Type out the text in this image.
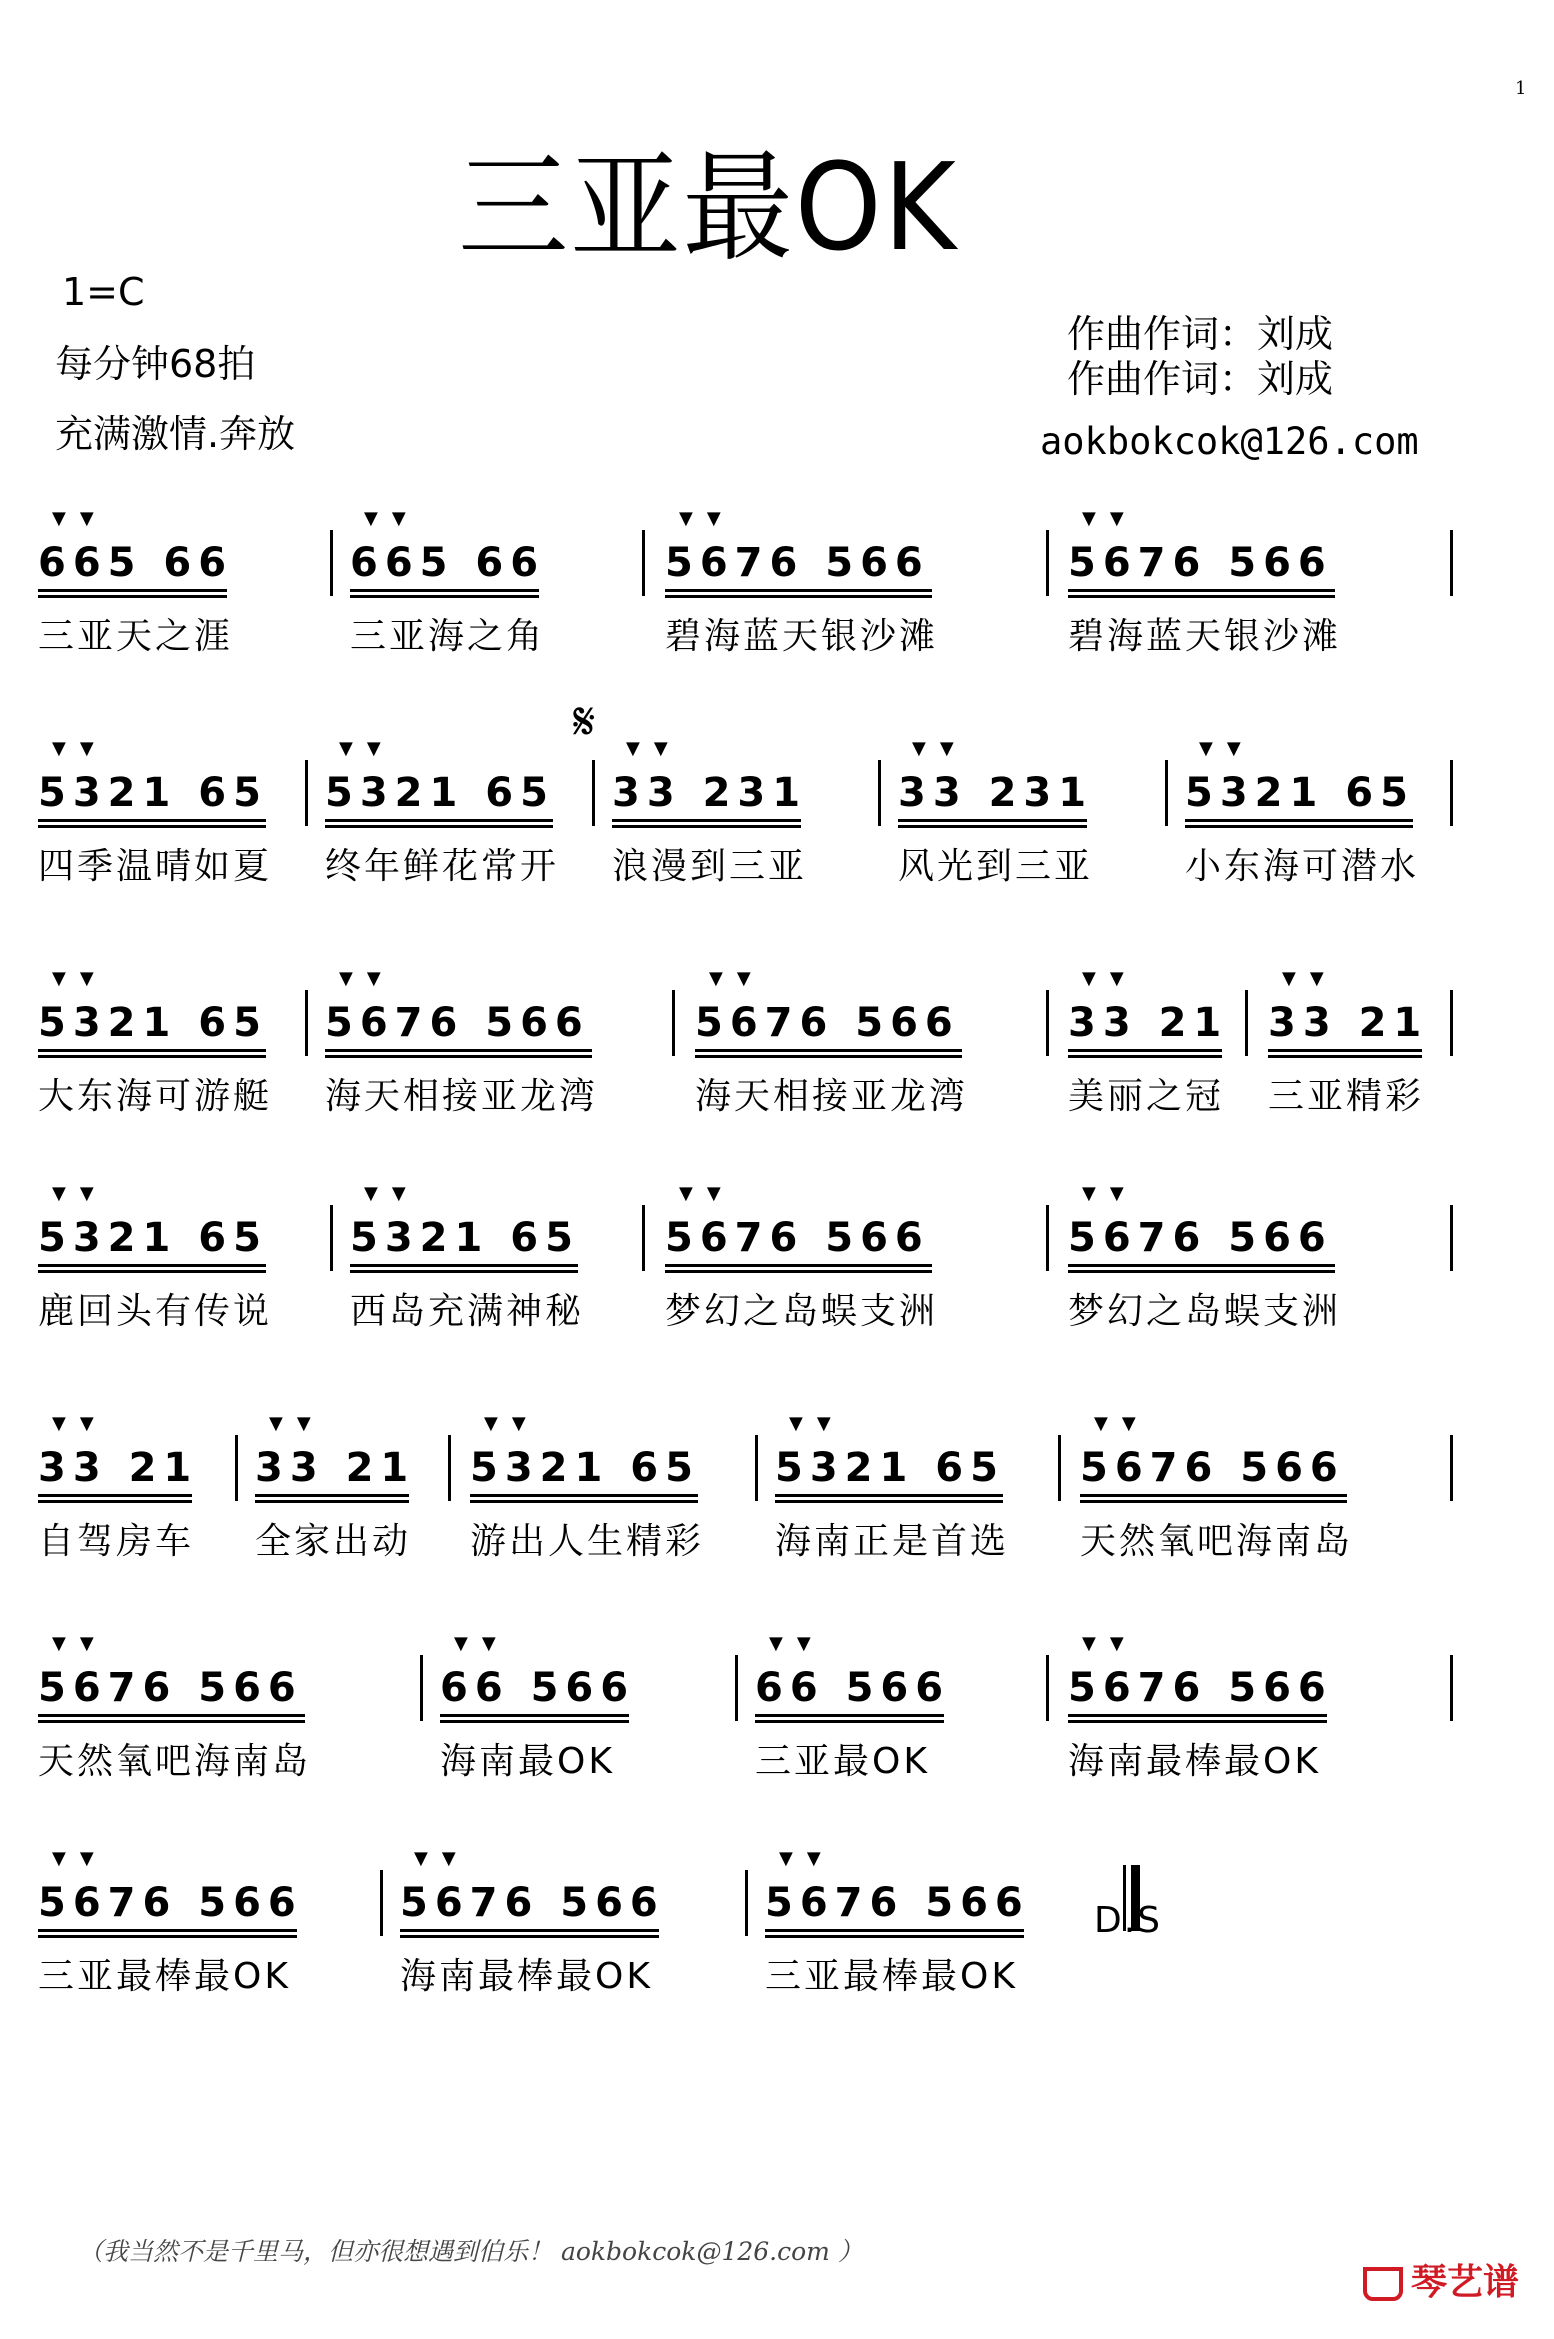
1
三亚最OK
1=C
每分钟68拍
充满激情.奔放
作曲作词：刘成
作曲作词：刘成
aokbokcok@126.com
▼▼
665 66
三亚天之涯
▼▼
665 66
三亚海之角
▼▼
5676 566
碧海蓝天银沙滩
▼▼
5676 566
碧海蓝天银沙滩
▼▼
5321 65
四季温晴如夏
▼▼
5321 65
终年鲜花常开
▼▼
33 231
浪漫到三亚
▼▼
33 231
风光到三亚
▼▼
5321 65
小东海可潜水
▼▼
5321 65
大东海可游艇
▼▼
5676 566
海天相接亚龙湾
▼▼
5676 566
海天相接亚龙湾
▼▼
33 21
美丽之冠
▼▼
33 21
三亚精彩
▼▼
5321 65
鹿回头有传说
▼▼
5321 65
西岛充满神秘
▼▼
5676 566
梦幻之岛蜈支洲
▼▼
5676 566
梦幻之岛蜈支洲
▼▼
33 21
自驾房车
▼▼
33 21
全家出动
▼▼
5321 65
游出人生精彩
▼▼
5321 65
海南正是首选
▼▼
5676 566
天然氧吧海南岛
▼▼
5676 566
天然氧吧海南岛
▼▼
66 566
海南最OK
▼▼
66 566
三亚最OK
▼▼
5676 566
海南最棒最OK
▼▼
5676 566
三亚最棒最OK
▼▼
5676 566
海南最棒最OK
▼▼
5676 566
三亚最棒最OK
𝄋
D.S
（我当然不是千里马，但亦很想遇到伯乐！ aokbokcok@126.com ）
琴艺谱
